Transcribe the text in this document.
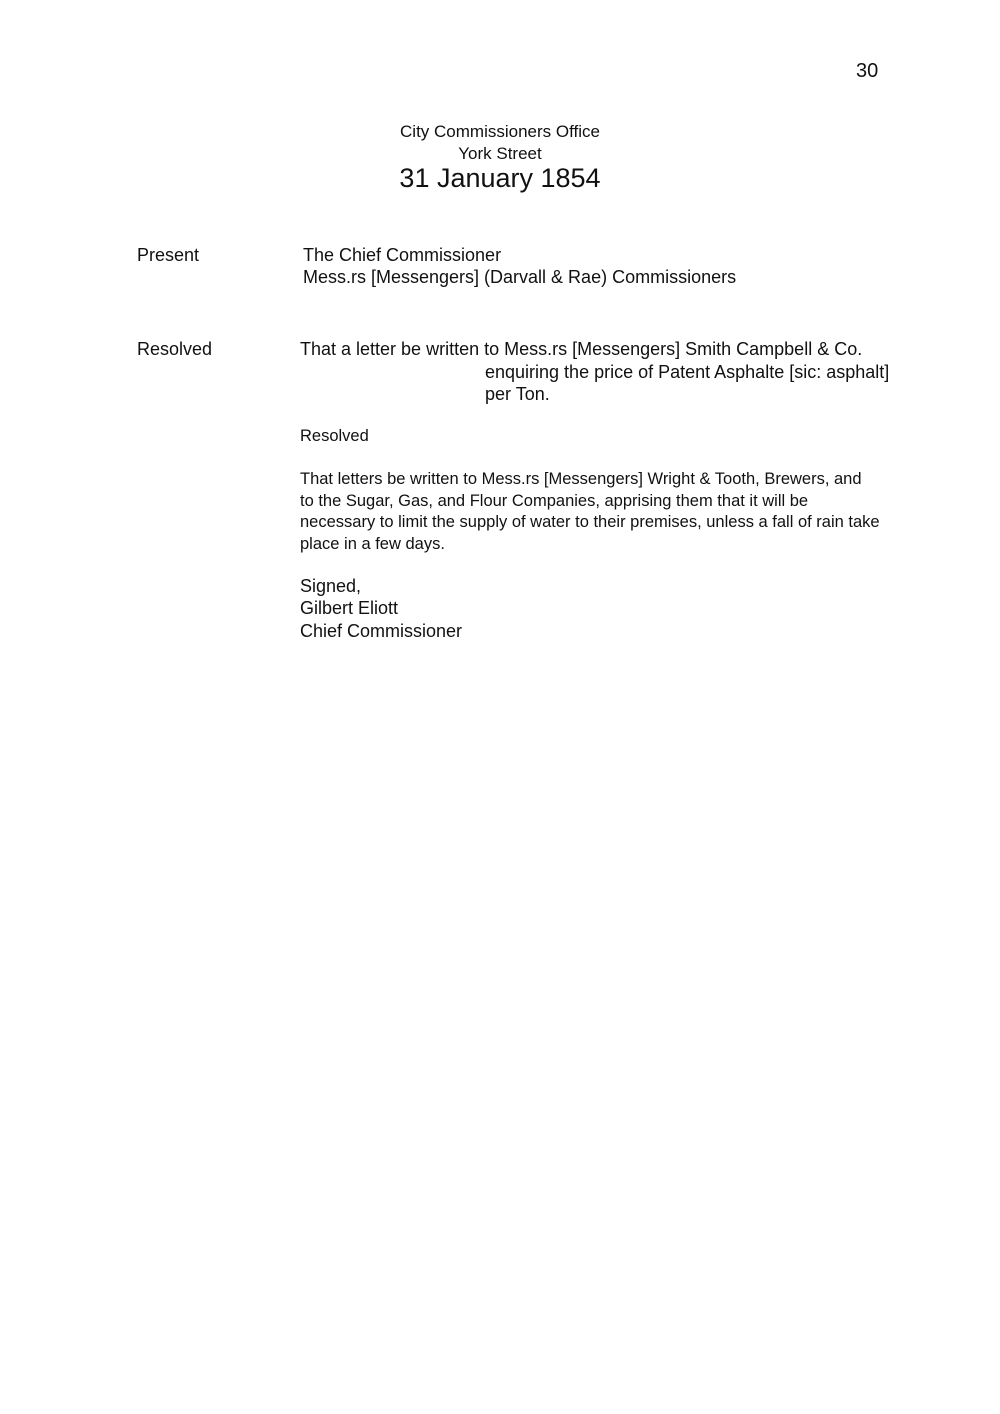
30
City Commissioners Office
York Street
31 January 1854
Present	The Chief Commissioner
Mess.rs [Messengers] (Darvall & Rae) Commissioners
Resolved	That a letter be written to Mess.rs [Messengers] Smith Campbell & Co.
enquiring the price of Patent Asphalte [sic: asphalt]
per Ton.
Resolved
That letters be written to Mess.rs [Messengers] Wright & Tooth, Brewers, and
to the Sugar, Gas, and Flour Companies, apprising them that it will be
necessary to limit the supply of water to their premises, unless a fall of rain take
place in a few days.
Signed,
Gilbert Eliott
Chief Commissioner
